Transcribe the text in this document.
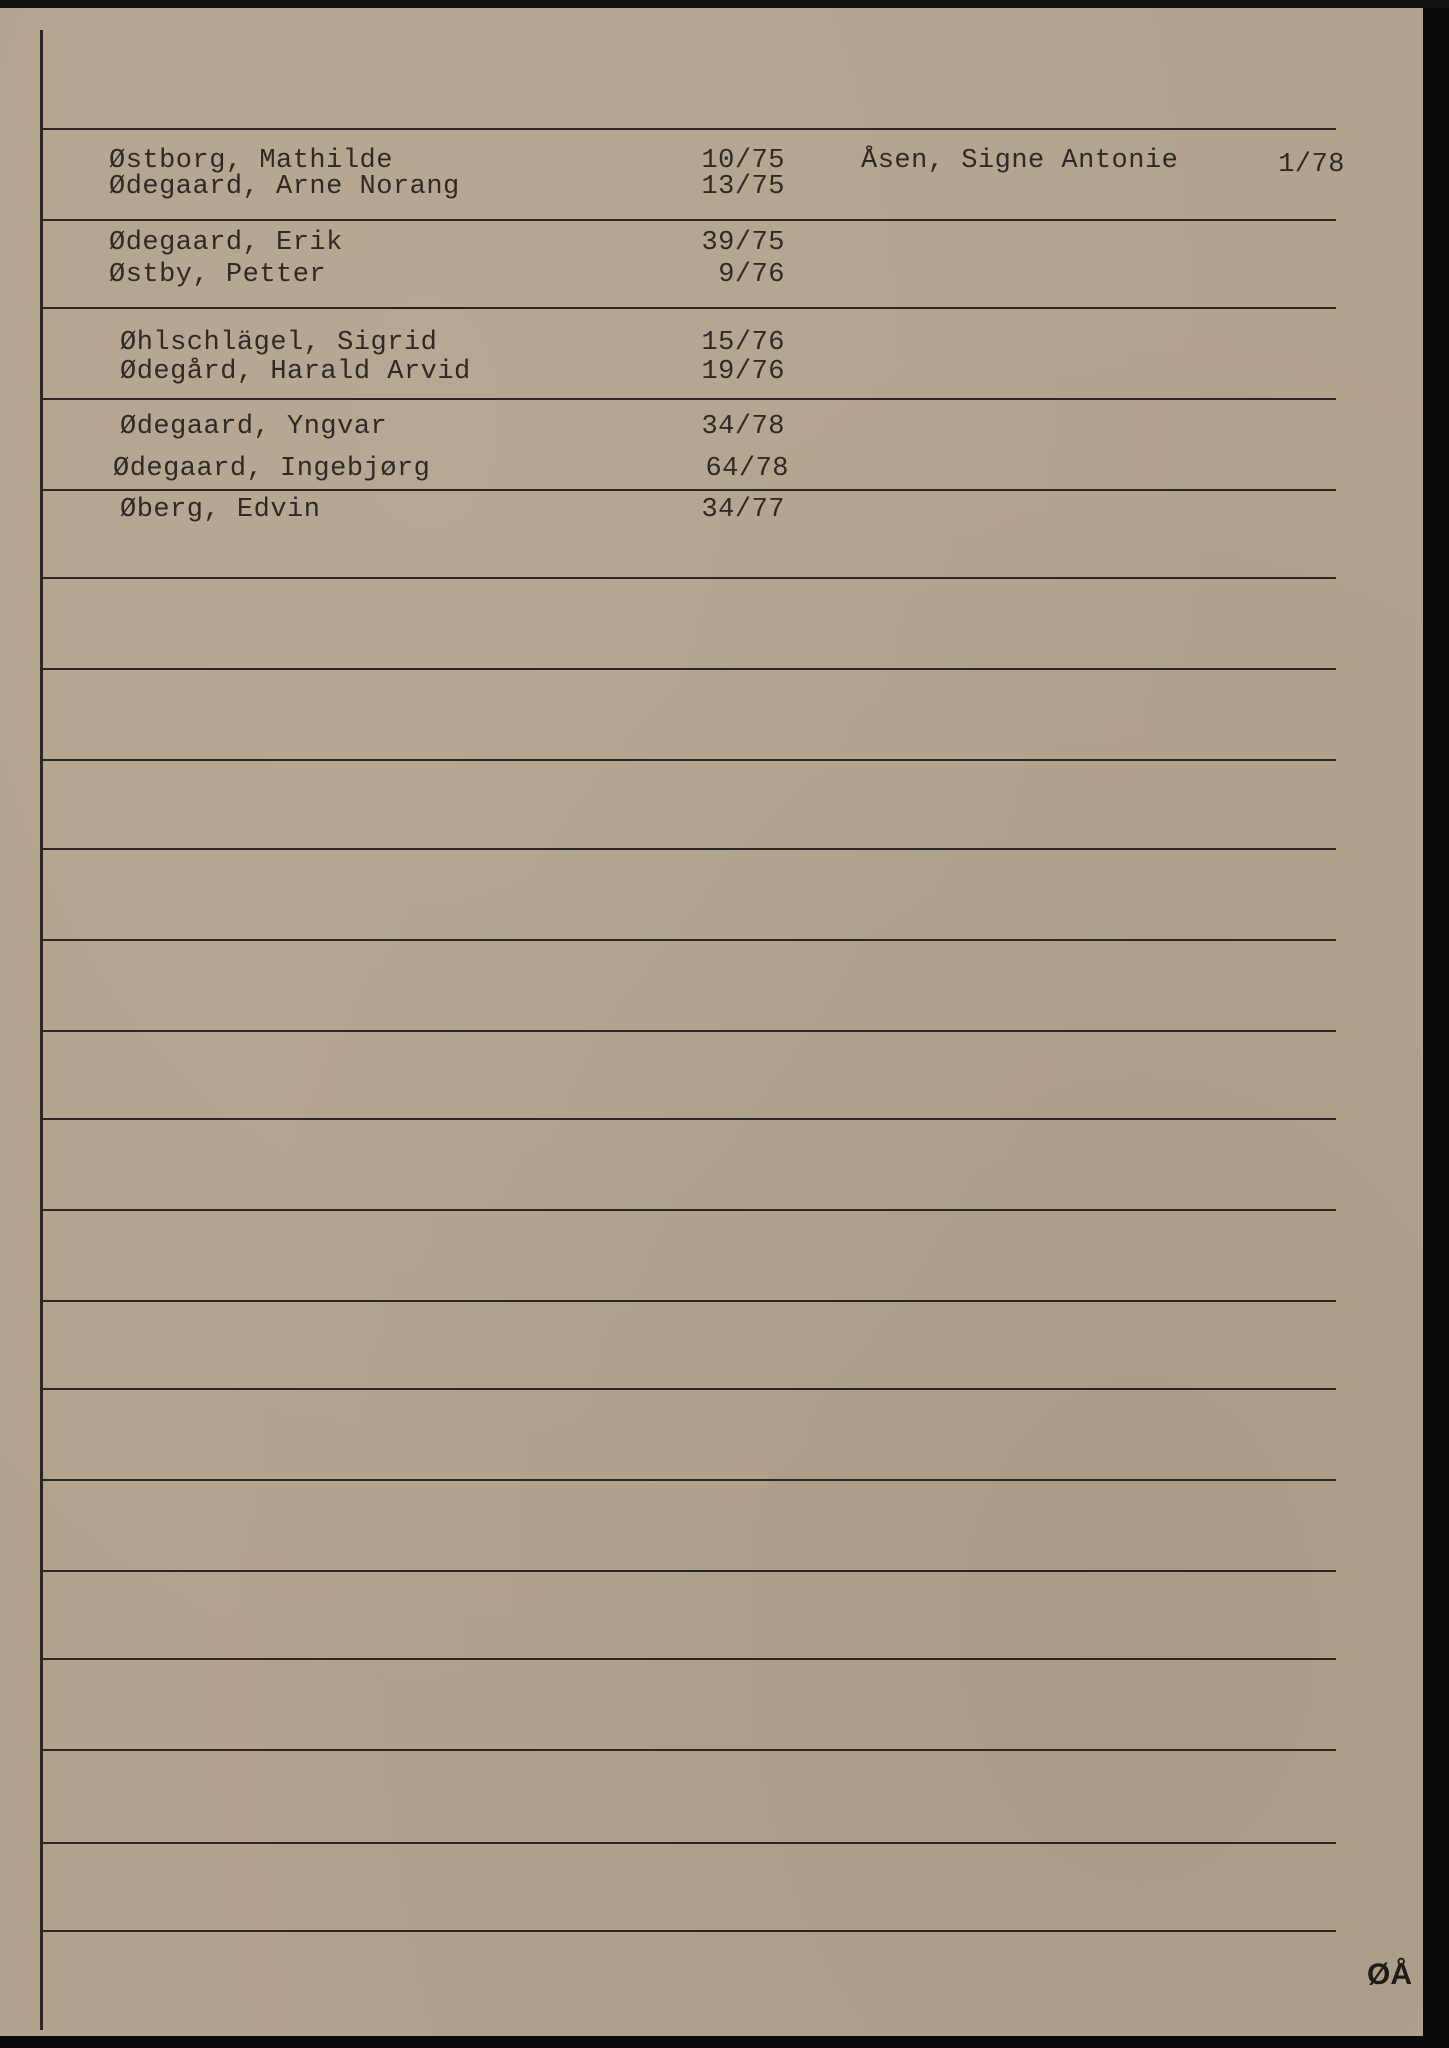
Østborg, Mathilde	10/75
Ødegaard, Arne Norang	13/75
Åsen, Signe Antonie	1/78
Ødegaard, Erik	39/75
Østby, Petter	9/76
Øhlschlägel, Sigrid	15/76
Ødegård, Harald Arvid	19/76
Ødegaard, Yngvar	34/78
Ødegaard, Ingebjørg	64/78
Øberg, Edvin	34/77
ØÅ
